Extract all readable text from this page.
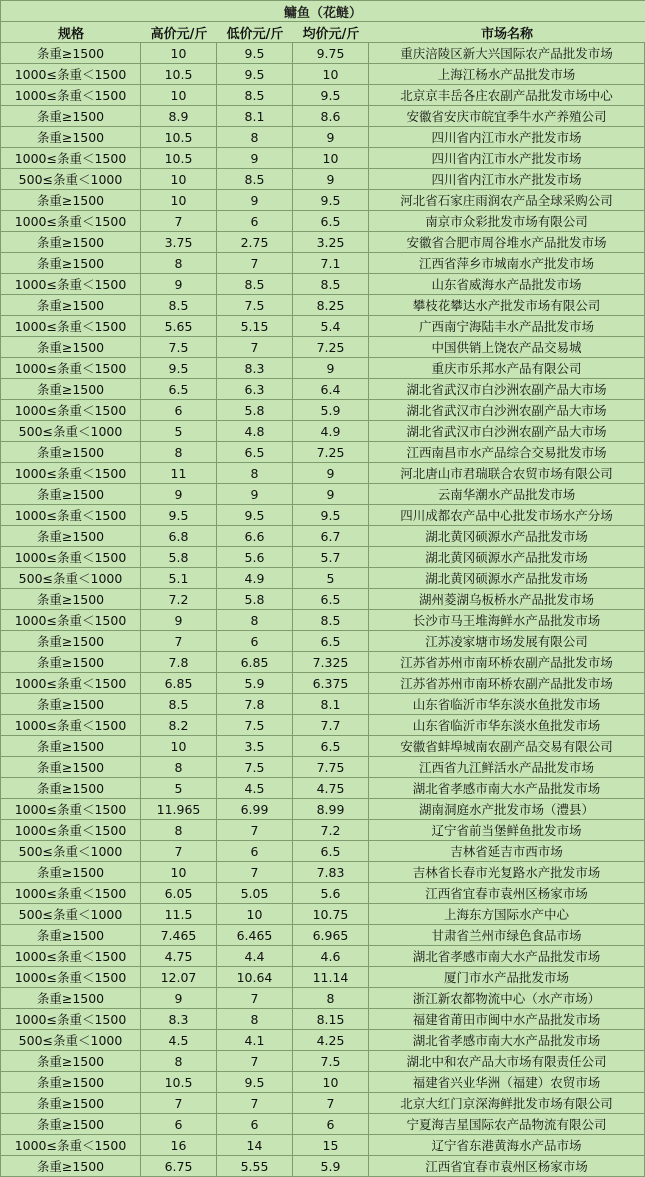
鳙鱼（花鲢）
规格	高价元/斤	低价元/斤	均价元/斤	市场名称
条重≥1500	10	9.5	9.75	重庆涪陵区新大兴国际农产品批发市场
1000≤条重＜1500	10.5	9.5	10	上海江杨水产品批发市场
1000≤条重＜1500	10	8.5	9.5	北京京丰岳各庄农副产品批发市场中心
条重≥1500	8.9	8.1	8.6	安徽省安庆市皖宜季牛水产养殖公司
条重≥1500	10.5	8	9	四川省内江市水产批发市场
1000≤条重＜1500	10.5	9	10	四川省内江市水产批发市场
500≤条重＜1000	10	8.5	9	四川省内江市水产批发市场
条重≥1500	10	9	9.5	河北省石家庄雨润农产品全球采购公司
1000≤条重＜1500	7	6	6.5	南京市众彩批发市场有限公司
条重≥1500	3.75	2.75	3.25	安徽省合肥市周谷堆水产品批发市场
条重≥1500	8	7	7.1	江西省萍乡市城南水产批发市场
1000≤条重＜1500	9	8.5	8.5	山东省威海水产品批发市场
条重≥1500	8.5	7.5	8.25	攀枝花攀达水产批发市场有限公司
1000≤条重＜1500	5.65	5.15	5.4	广西南宁海陆丰水产品批发市场
条重≥1500	7.5	7	7.25	中国供销上饶农产品交易城
1000≤条重＜1500	9.5	8.3	9	重庆市乐邦水产品有限公司
条重≥1500	6.5	6.3	6.4	湖北省武汉市白沙洲农副产品大市场
1000≤条重＜1500	6	5.8	5.9	湖北省武汉市白沙洲农副产品大市场
500≤条重＜1000	5	4.8	4.9	湖北省武汉市白沙洲农副产品大市场
条重≥1500	8	6.5	7.25	江西南昌市水产品综合交易批发市场
1000≤条重＜1500	11	8	9	河北唐山市君瑞联合农贸市场有限公司
条重≥1500	9	9	9	云南华潮水产品批发市场
1000≤条重＜1500	9.5	9.5	9.5	四川成都农产品中心批发市场水产分场
条重≥1500	6.8	6.6	6.7	湖北黄冈硕源水产品批发市场
1000≤条重＜1500	5.8	5.6	5.7	湖北黄冈硕源水产品批发市场
500≤条重＜1000	5.1	4.9	5	湖北黄冈硕源水产品批发市场
条重≥1500	7.2	5.8	6.5	湖州菱湖乌板桥水产品批发市场
1000≤条重＜1500	9	8	8.5	长沙市马王堆海鲜水产品批发市场
条重≥1500	7	6	6.5	江苏凌家塘市场发展有限公司
条重≥1500	7.8	6.85	7.325	江苏省苏州市南环桥农副产品批发市场
1000≤条重＜1500	6.85	5.9	6.375	江苏省苏州市南环桥农副产品批发市场
条重≥1500	8.5	7.8	8.1	山东省临沂市华东淡水鱼批发市场
1000≤条重＜1500	8.2	7.5	7.7	山东省临沂市华东淡水鱼批发市场
条重≥1500	10	3.5	6.5	安徽省蚌埠城南农副产品交易有限公司
条重≥1500	8	7.5	7.75	江西省九江鲜活水产品批发市场
条重≥1500	5	4.5	4.75	湖北省孝感市南大水产品批发市场
1000≤条重＜1500	11.965	6.99	8.99	湖南洞庭水产批发市场（澧县）
1000≤条重＜1500	8	7	7.2	辽宁省前当堡鲜鱼批发市场
500≤条重＜1000	7	6	6.5	吉林省延吉市西市场
条重≥1500	10	7	7.83	吉林省长春市光复路水产批发市场
1000≤条重＜1500	6.05	5.05	5.6	江西省宜春市袁州区杨家市场
500≤条重＜1000	11.5	10	10.75	上海东方国际水产中心
条重≥1500	7.465	6.465	6.965	甘肃省兰州市绿色食品市场
1000≤条重＜1500	4.75	4.4	4.6	湖北省孝感市南大水产品批发市场
1000≤条重＜1500	12.07	10.64	11.14	厦门市水产品批发市场
条重≥1500	9	7	8	浙江新农都物流中心（水产市场）
1000≤条重＜1500	8.3	8	8.15	福建省莆田市闽中水产品批发市场
500≤条重＜1000	4.5	4.1	4.25	湖北省孝感市南大水产品批发市场
条重≥1500	8	7	7.5	湖北中和农产品大市场有限责任公司
条重≥1500	10.5	9.5	10	福建省兴业华洲（福建）农贸市场
条重≥1500	7	7	7	北京大红门京深海鲜批发市场有限公司
条重≥1500	6	6	6	宁夏海吉星国际农产品物流有限公司
1000≤条重＜1500	16	14	15	辽宁省东港黄海水产品市场
条重≥1500	6.75	5.55	5.9	江西省宜春市袁州区杨家市场
